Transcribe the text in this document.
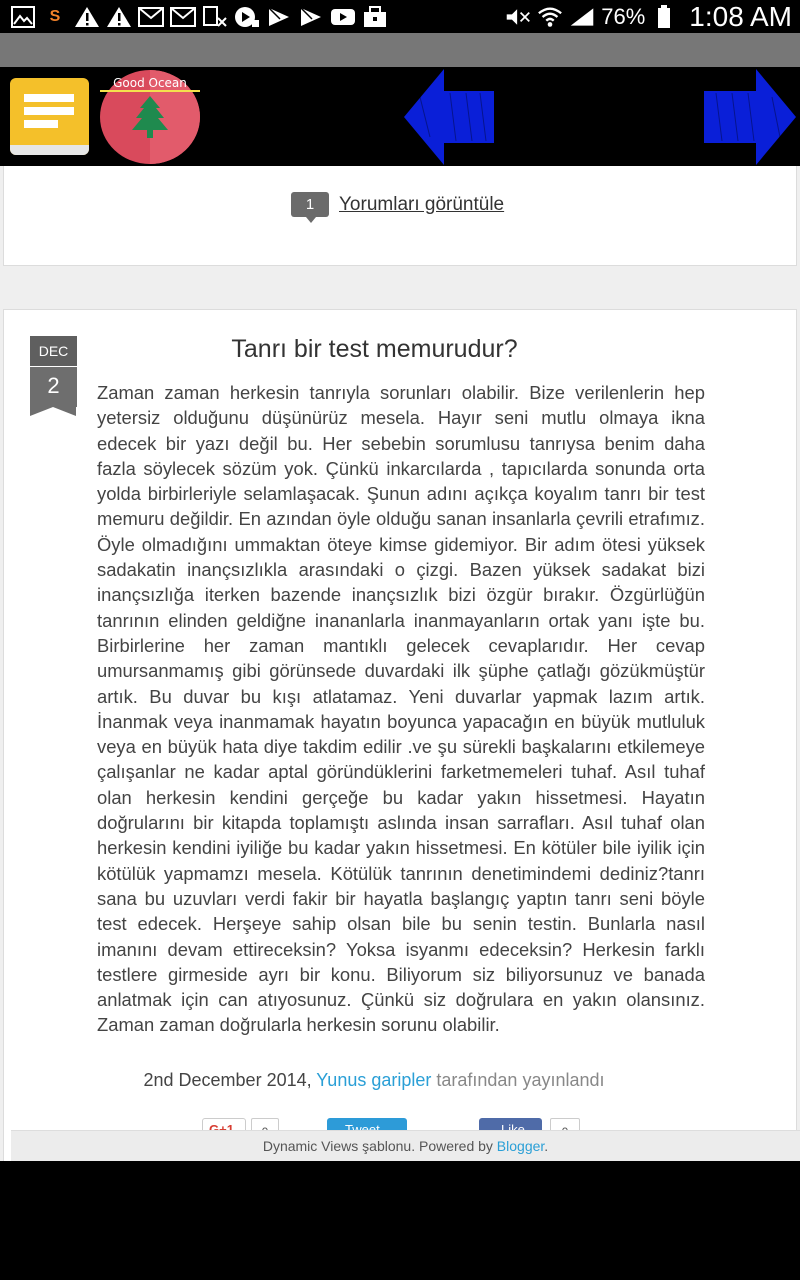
S	76% 1:08 AM
Good Ocean
1	Yorumları görüntüle
DEC
2
Tanrı bir test memurudur?

Zaman zaman herkesin tanrıyla sorunları olabilir. Bize verilenlerin hep yetersiz olduğunu düşünürüz mesela. Hayır seni mutlu olmaya ikna edecek bir yazı değil bu. Her sebebin sorumlusu tanrıysa benim daha fazla söylecek sözüm yok. Çünkü inkarcılarda , tapıcılarda sonunda orta yolda birbirleriyle selamlaşacak. Şunun adını açıkça koyalım tanrı bir test memuru değildir. En azından öyle olduğu sanan insanlarla çevrili etrafımız. Öyle olmadığını ummaktan öteye kimse gidemiyor. Bir adım ötesi yüksek sadakatin inançsızlıkla arasındaki o çizgi. Bazen yüksek sadakat bizi inançsızlığa iterken bazende inançsızlık bizi özgür bırakır. Özgürlüğün tanrının elinden geldiğne inananlarla inanmayanların ortak yanı işte bu. Birbirlerine her zaman mantıklı gelecek cevaplarıdır. Her cevap umursanmamış gibi görünsede duvardaki ilk şüphe çatlağı gözükmüştür artık. Bu duvar bu kışı atlatamaz. Yeni duvarlar yapmak lazım artık. İnanmak veya inanmamak hayatın boyunca yapacağın en büyük mutluluk veya en büyük hata diye takdim edilir .ve şu sürekli başkalarını etkilemeye çalışanlar ne kadar aptal göründüklerini farketmemeleri tuhaf. Asıl tuhaf olan herkesin kendini gerçeğe bu kadar yakın hissetmesi. Hayatın doğrularını bir kitapda toplamıştı aslında insan sarrafları. Asıl tuhaf olan herkesin kendini iyiliğe bu kadar yakın hissetmesi. En kötüler bile iyilik için kötülük yapmamzı mesela. Kötülük tanrının denetimindemi dediniz?tanrı sana bu uzuvları verdi fakir bir hayatla başlangıç yaptın tanrı seni böyle test edecek. Herşeye sahip olsan bile bu senin testin. Bunlarla nasıl imanını devam ettireceksin? Yoksa isyanmı edeceksin? Herkesin farklı testlere girmeside ayrı bir konu. Biliyorum siz biliyorsunuz ve banada anlatmak için can atıyosunuz. Çünkü siz doğrulara en yakın olansınız. Zaman zaman doğrularla herkesin sorunu olabilir.

2nd December 2014, Yunus garipler tarafından yayınlandı
Dynamic Views şablonu. Powered by Blogger.
